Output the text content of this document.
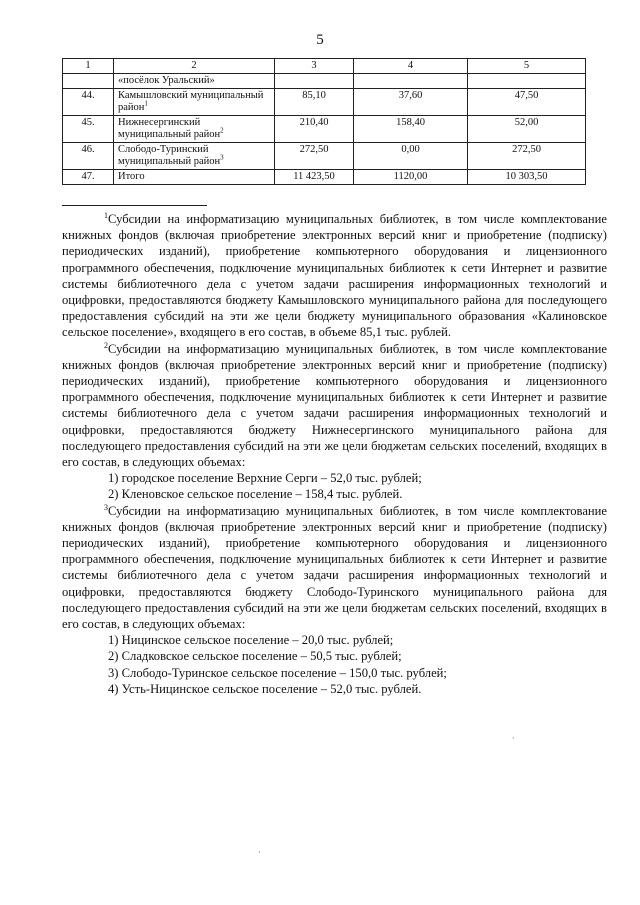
5
1	2	3	4	5
	«посёлок Уральский»			
44.	Камышловский муниципальный район$^1$	85,10	37,60	47,50
45.	Нижнесергинский муниципальный район$^2$	210,40	158,40	52,00
46.	Слободо-Туринский муниципальный район$^3$	272,50	0,00	272,50
47.	Итого	11 423,50	1120,00	10 303,50

$^1$Субсидии на информатизацию муниципальных библиотек, в том числе комплектование книжных фондов (включая приобретение электронных версий книг и приобретение (подписку) периодических изданий), приобретение компьютерного оборудования и лицензионного программного обеспечения, подключение муниципальных библиотек к сети Интернет и развитие системы библиотечного дела с учетом задачи расширения информационных технологий и оцифровки, предоставляются бюджету Камышловского муниципального района для последующего предоставления субсидий на эти же цели бюджету муниципального образования «Калиновское сельское поселение», входящего в его состав, в объеме 85,1 тыс. рублей.

$^2$Субсидии на информатизацию муниципальных библиотек, в том числе комплектование книжных фондов (включая приобретение электронных версий книг и приобретение (подписку) периодических изданий), приобретение компьютерного оборудования и лицензионного программного обеспечения, подключение муниципальных библиотек к сети Интернет и развитие системы библиотечного дела с учетом задачи расширения информационных технологий и оцифровки, предоставляются бюджету Нижнесергинского муниципального района для последующего предоставления субсидий на эти же цели бюджетам сельских поселений, входящих в его состав, в следующих объемах:

1) городское поселение Верхние Серги – 52,0 тыс. рублей;

2) Кленовское сельское поселение – 158,4 тыс. рублей.

$^3$Субсидии на информатизацию муниципальных библиотек, в том числе комплектование книжных фондов (включая приобретение электронных версий книг и приобретение (подписку) периодических изданий), приобретение компьютерного оборудования и лицензионного программного обеспечения, подключение муниципальных библиотек к сети Интернет и развитие системы библиотечного дела с учетом задачи расширения информационных технологий и оцифровки, предоставляются бюджету Слободо-Туринского муниципального района для последующего предоставления субсидий на эти же цели бюджетам сельских поселений, входящих в его состав, в следующих объемах:

1) Ницинское сельское поселение – 20,0 тыс. рублей;

2) Сладковское сельское поселение – 50,5 тыс. рублей;

3) Слободо-Туринское сельское поселение – 150,0 тыс. рублей;

4) Усть-Ницинское сельское поселение – 52,0 тыс. рублей.

·
·
